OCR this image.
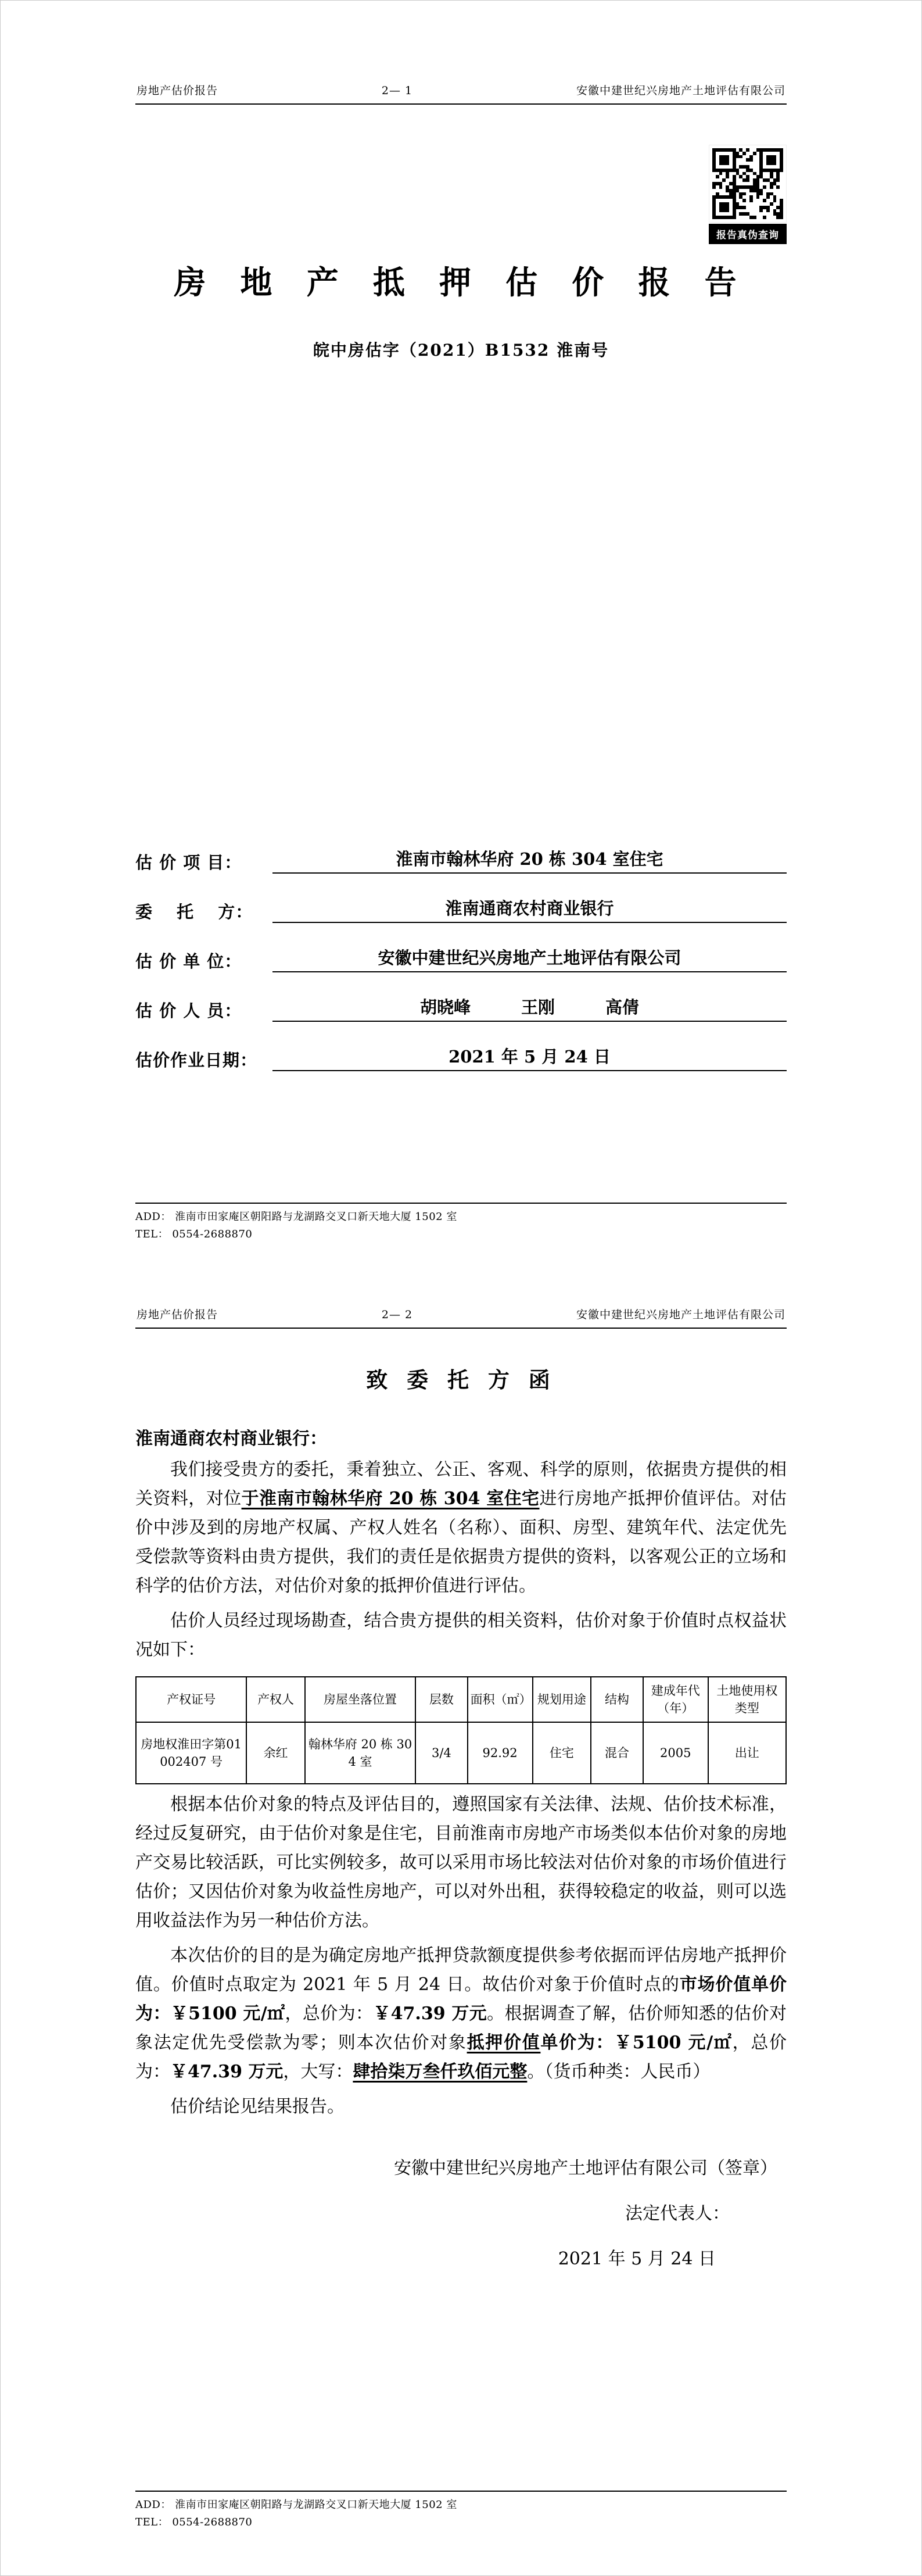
房地产估价报告	2— 1	安徽中建世纪兴房地产土地评估有限公司
报告真伪查询
房 地 产 抵 押 估 价 报 告
皖中房估字（2021）B1532 淮南号
估 价 项 目：	淮南市翰林华府 20 栋 304 室住宅
委　 托 　方：	淮南通商农村商业银行
估 价 单 位：	安徽中建世纪兴房地产土地评估有限公司
估 价 人 员：	胡晓峰　　　王刚　　　高倩
估价作业日期：	2021 年 5 月 24 日
ADD： 淮南市田家庵区朝阳路与龙湖路交叉口新天地大厦 1502 室
TEL： 0554-2688870
房地产估价报告	2— 2	安徽中建世纪兴房地产土地评估有限公司
致 委 托 方 函

淮南通商农村商业银行：

我们接受贵方的委托，秉着独立、公正、客观、科学的原则，依据贵方提供的相关资料，对位于淮南市翰林华府 20 栋 304 室住宅进行房地产抵押价值评估。对估价中涉及到的房地产权属、产权人姓名（名称）、面积、房型、建筑年代、法定优先受偿款等资料由贵方提供，我们的责任是依据贵方提供的资料，以客观公正的立场和科学的估价方法，对估价对象的抵押价值进行评估。

估价人员经过现场勘查，结合贵方提供的相关资料，估价对象于价值时点权益状况如下：

产权证号	产权人	房屋坐落位置	层数	面积（㎡）	规划用途	结构	建成年代（年）	土地使用权类型
房地权淮田字第01002407 号	余红	翰林华府 20 栋 304 室	3/4	92.92	住宅	混合	2005	出让

根据本估价对象的特点及评估目的，遵照国家有关法律、法规、估价技术标准，经过反复研究，由于估价对象是住宅，目前淮南市房地产市场类似本估价对象的房地产交易比较活跃，可比实例较多，故可以采用市场比较法对估价对象的市场价值进行估价；又因估价对象为收益性房地产，可以对外出租，获得较稳定的收益，则可以选用收益法作为另一种估价方法。

本次估价的目的是为确定房地产抵押贷款额度提供参考依据而评估房地产抵押价值。价值时点取定为 2021 年 5 月 24 日。故估价对象于价值时点的市场价值单价为：￥5100 元/㎡，总价为：￥47.39 万元。根据调查了解，估价师知悉的估价对象法定优先受偿款为零；则本次估价对象抵押价值单价为：￥5100 元/㎡，总价为：￥47.39 万元，大写：肆拾柒万叁仟玖佰元整。（货币种类：人民币）

估价结论见结果报告。

安徽中建世纪兴房地产土地评估有限公司（签章）
法定代表人：
2021 年 5 月 24 日
ADD： 淮南市田家庵区朝阳路与龙湖路交叉口新天地大厦 1502 室
TEL： 0554-2688870
